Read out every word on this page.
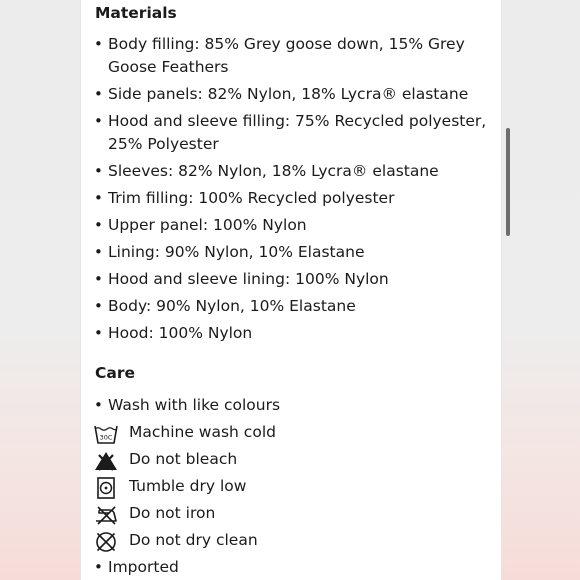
Materials
• Body filling: 85% Grey goose down, 15% Grey Goose Feathers
• Side panels: 82% Nylon, 18% Lycra® elastane
• Hood and sleeve filling: 75% Recycled polyester, 25% Polyester
• Sleeves: 82% Nylon, 18% Lycra® elastane
• Trim filling: 100% Recycled polyester
• Upper panel: 100% Nylon
• Lining: 90% Nylon, 10% Elastane
• Hood and sleeve lining: 100% Nylon
• Body: 90% Nylon, 10% Elastane
• Hood: 100% Nylon
Care
• Wash with like colours
30C Machine wash cold
Do not bleach
Tumble dry low
Do not iron
Do not dry clean
• Imported
